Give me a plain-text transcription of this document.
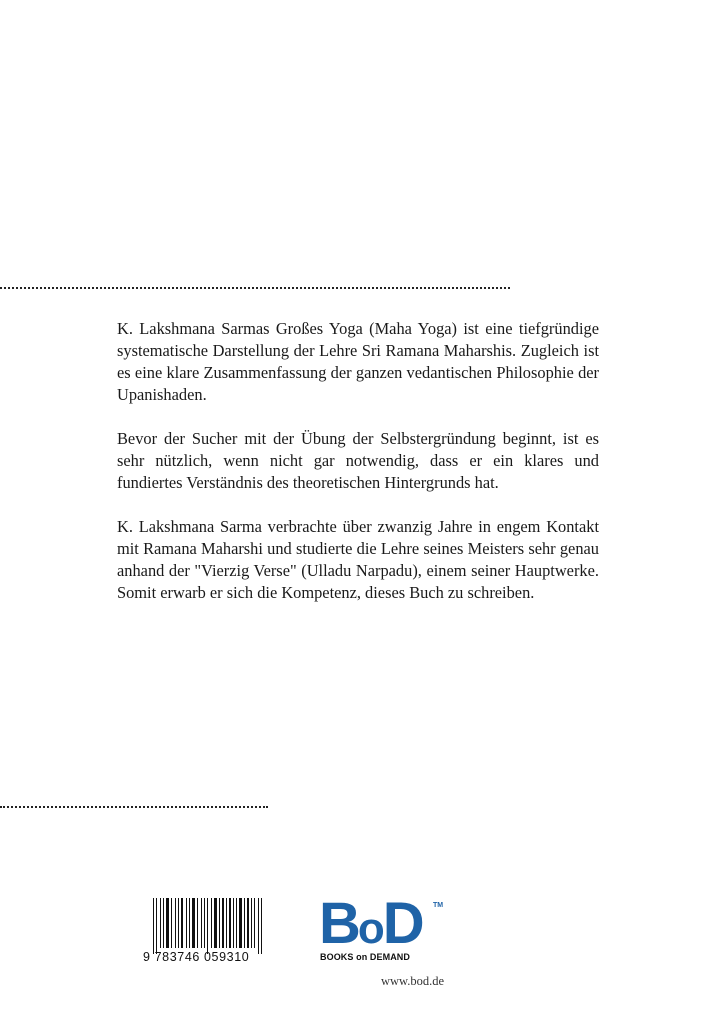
K. Lakshmana Sarmas Großes Yoga (Maha Yoga) ist eine tiefgründige systematische Darstellung der Lehre Sri Ramana Maharshis. Zugleich ist es eine klare Zusammenfassung der ganzen vedantischen Philosophie der Upanishaden.

Bevor der Sucher mit der Übung der Selbstergründung beginnt, ist es sehr nützlich, wenn nicht gar notwendig, dass er ein klares und fundiertes Verständnis des theoretischen Hintergrunds hat.

K. Lakshmana Sarma verbrachte über zwanzig Jahre in engem Kontakt mit Ramana Maharshi und studierte die Lehre seines Meisters sehr genau anhand der "Vierzig Verse" (Ulladu Narpadu), einem seiner Hauptwerke. Somit erwarb er sich die Kompetenz, dieses Buch zu schreiben.

9 783746 059310
BoD TM
BOOKS on DEMAND
www.bod.de
